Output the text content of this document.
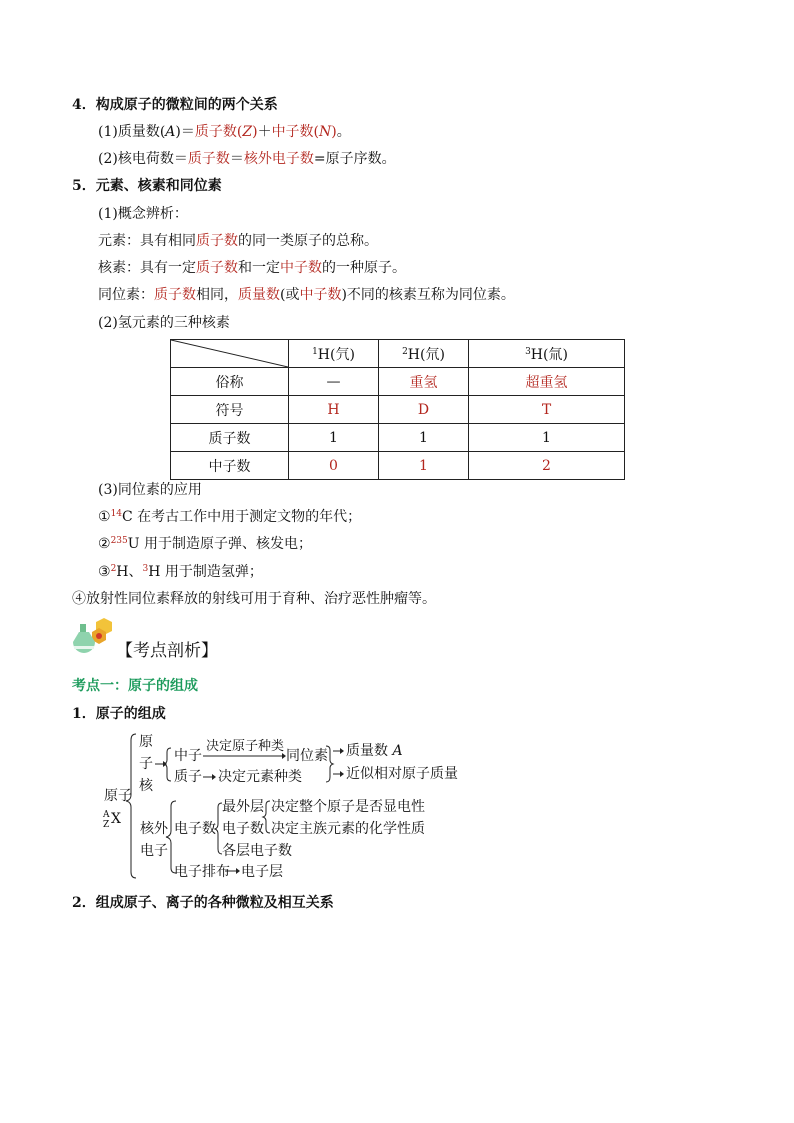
4．构成原子的微粒间的两个关系
(1)质量数(A)＝质子数(Z)＋中子数(N)。
(2)核电荷数＝质子数＝核外电子数=原子序数。
5．元素、核素和同位素
(1)概念辨析：
元素：具有相同质子数的同一类原子的总称。
核素：具有一定质子数和一定中子数的一种原子。
同位素：质子数相同，质量数(或中子数)不同的核素互称为同位素。
(2)氢元素的三种核素
	$^1$H(氕)	$^2$H(氘)	$^3$H(氚)
俗称	—	重氢	超重氢
符号	H	D	T
质子数	1	1	1
中子数	0	1	2
(3)同位素的应用
①$^{14}$C 在考古工作中用于测定文物的年代；
②$^{235}$U 用于制造原子弹、核发电；
③$^2$H、$^3$H 用于制造氢弹；
④放射性同位素释放的射线可用于育种、治疗恶性肿瘤等。
【考点剖析】
考点一：原子的组成
1．原子的组成
原子
A
Z X
原
子
核
中子
决定原子种类
同位素
质子 决定元素种类
质量数 A
近似相对原子质量
核外
电子
电子数
最外层
电子数
各层电子数
决定整个原子是否显电性
决定主族元素的化学性质
电子排布 电子层
2．组成原子、离子的各种微粒及相互关系
